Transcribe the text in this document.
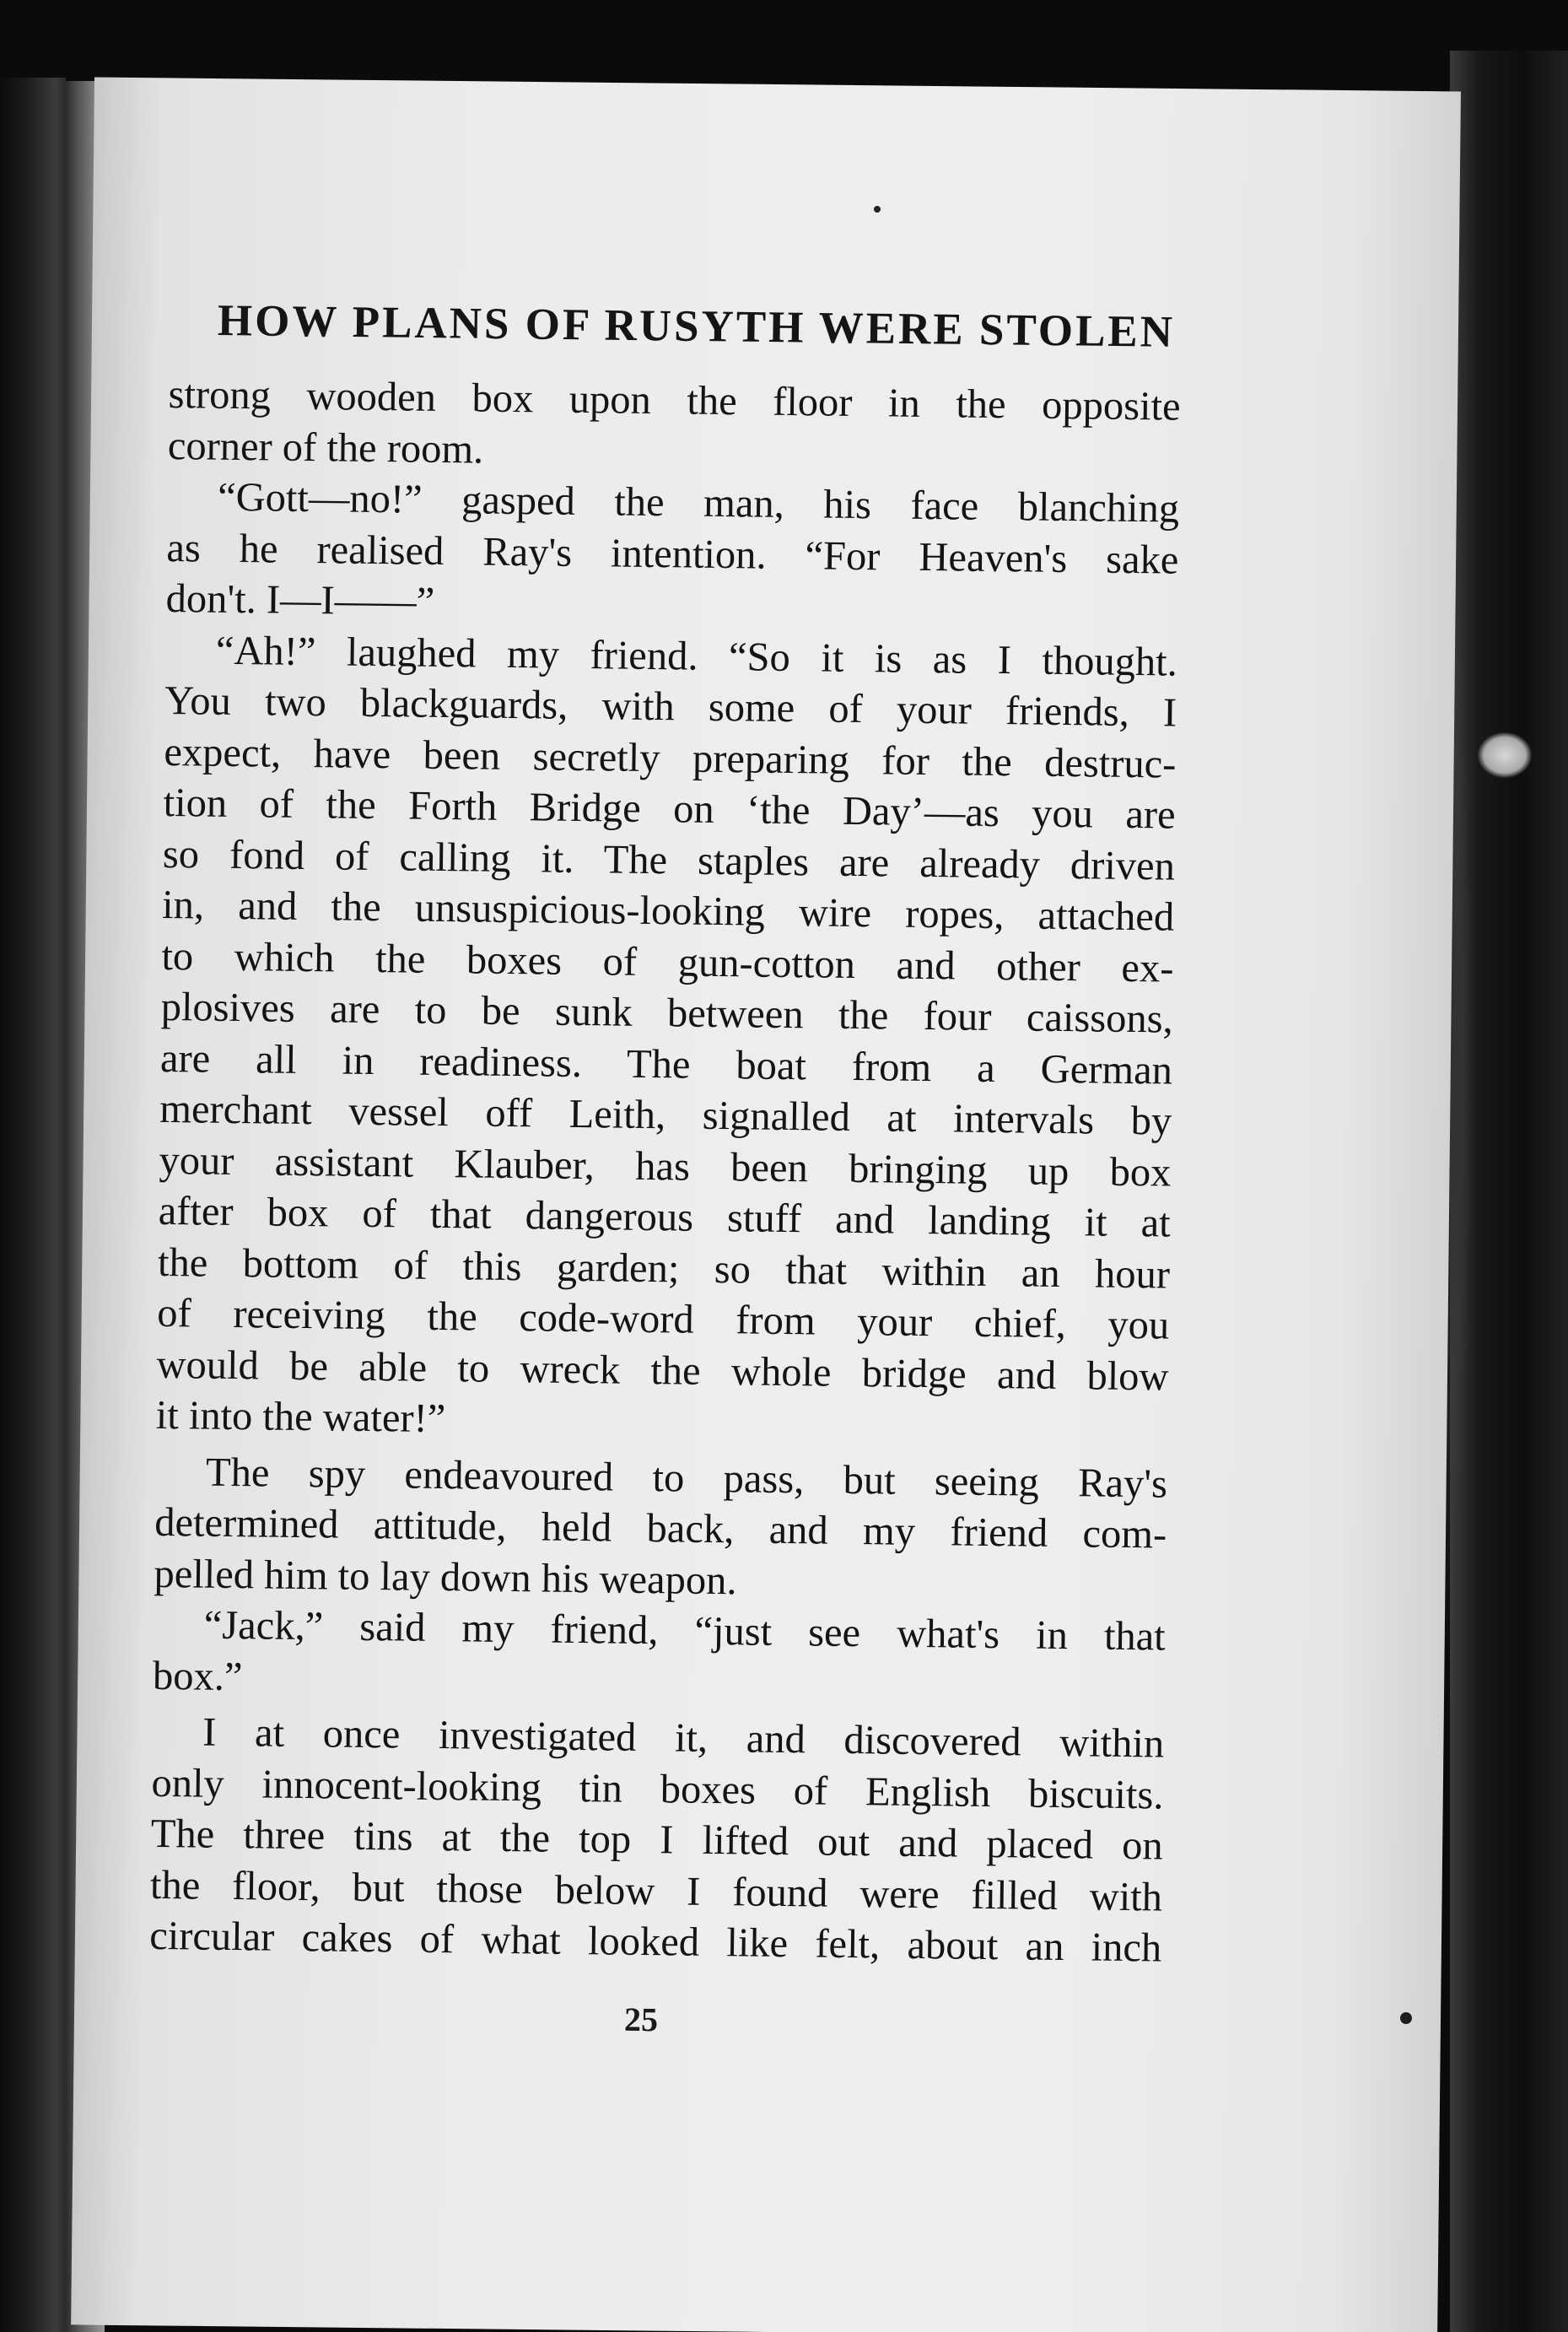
HOW PLANS OF RUSYTH WERE STOLEN
strong wooden box upon the floor in the opposite
corner of the room.
“Gott—no!” gasped the man, his face blanching
as he realised Ray's intention. “For Heaven's sake
don't. I—I——”
“Ah!” laughed my friend. “So it is as I thought.
You two blackguards, with some of your friends, I
expect, have been secretly preparing for the destruc-
tion of the Forth Bridge on ‘the Day’—as you are
so fond of calling it. The staples are already driven
in, and the unsuspicious-looking wire ropes, attached
to which the boxes of gun-cotton and other ex-
plosives are to be sunk between the four caissons,
are all in readiness. The boat from a German
merchant vessel off Leith, signalled at intervals by
your assistant Klauber, has been bringing up box
after box of that dangerous stuff and landing it at
the bottom of this garden; so that within an hour
of receiving the code-word from your chief, you
would be able to wreck the whole bridge and blow
it into the water!”
The spy endeavoured to pass, but seeing Ray's
determined attitude, held back, and my friend com-
pelled him to lay down his weapon.
“Jack,” said my friend, “just see what's in that
box.”
I at once investigated it, and discovered within
only innocent-looking tin boxes of English biscuits.
The three tins at the top I lifted out and placed on
the floor, but those below I found were filled with
circular cakes of what looked like felt, about an inch
25
